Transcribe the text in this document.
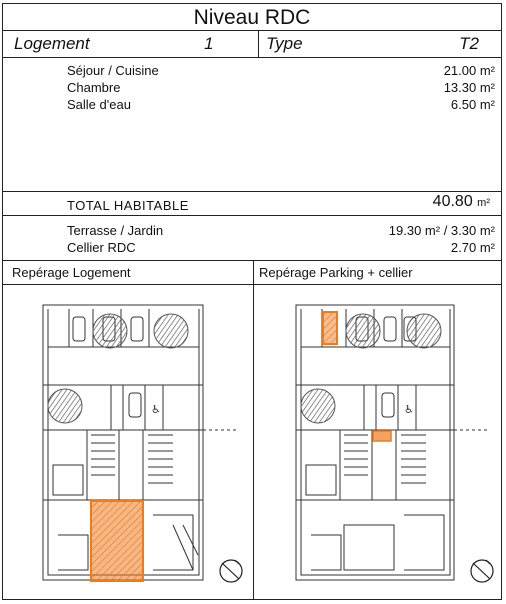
Niveau RDC
Logement	1	Type	T2
Séjour / Cuisine	21.00 m²
Chambre	13.30 m²
Salle d'eau	6.50 m²
TOTAL HABITABLE	40.80 m²
Terrasse / Jardin	19.30 m² / 3.30 m²
Cellier RDC	2.70 m²
Repérage Logement	Repérage Parking + cellier
♿	♿
